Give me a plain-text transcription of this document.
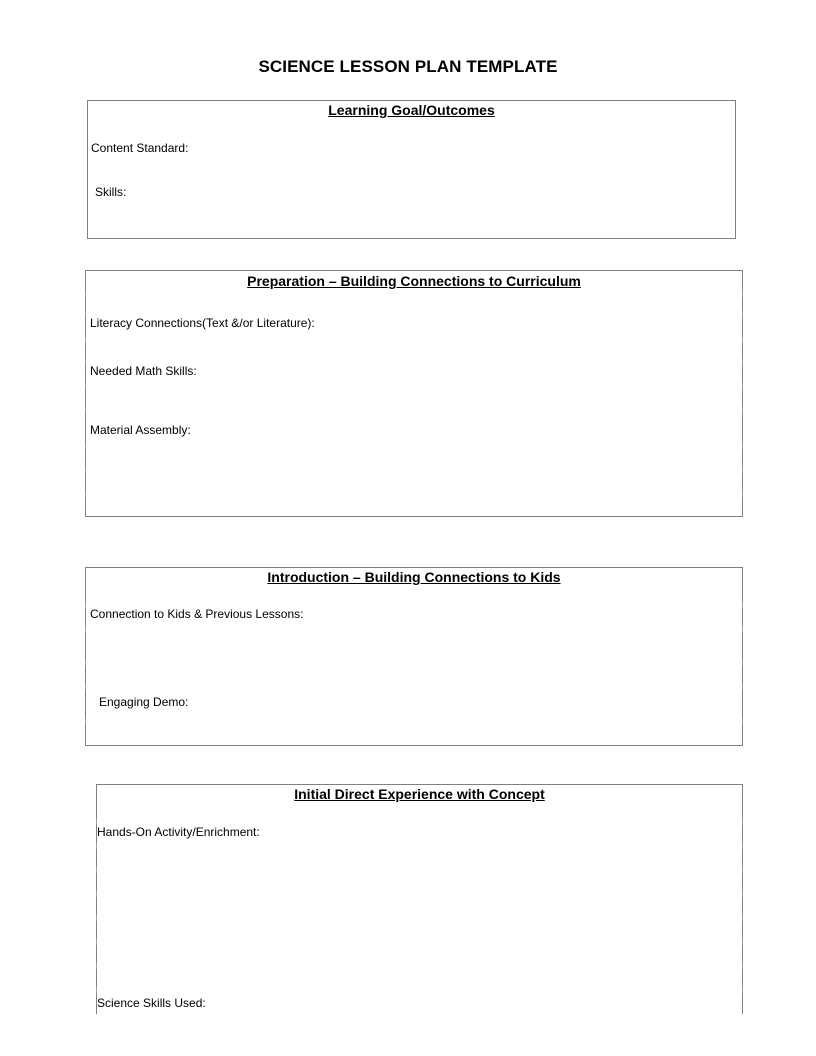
SCIENCE LESSON PLAN TEMPLATE
Learning Goal/Outcomes
Content Standard:
Skills:
Preparation – Building Connections to Curriculum
Literacy Connections(Text &/or Literature):
Needed Math Skills:
Material Assembly:
Introduction – Building Connections to Kids
Connection to Kids & Previous Lessons:
Engaging Demo:
Initial Direct Experience with Concept
Hands-On Activity/Enrichment:
Science Skills Used:
